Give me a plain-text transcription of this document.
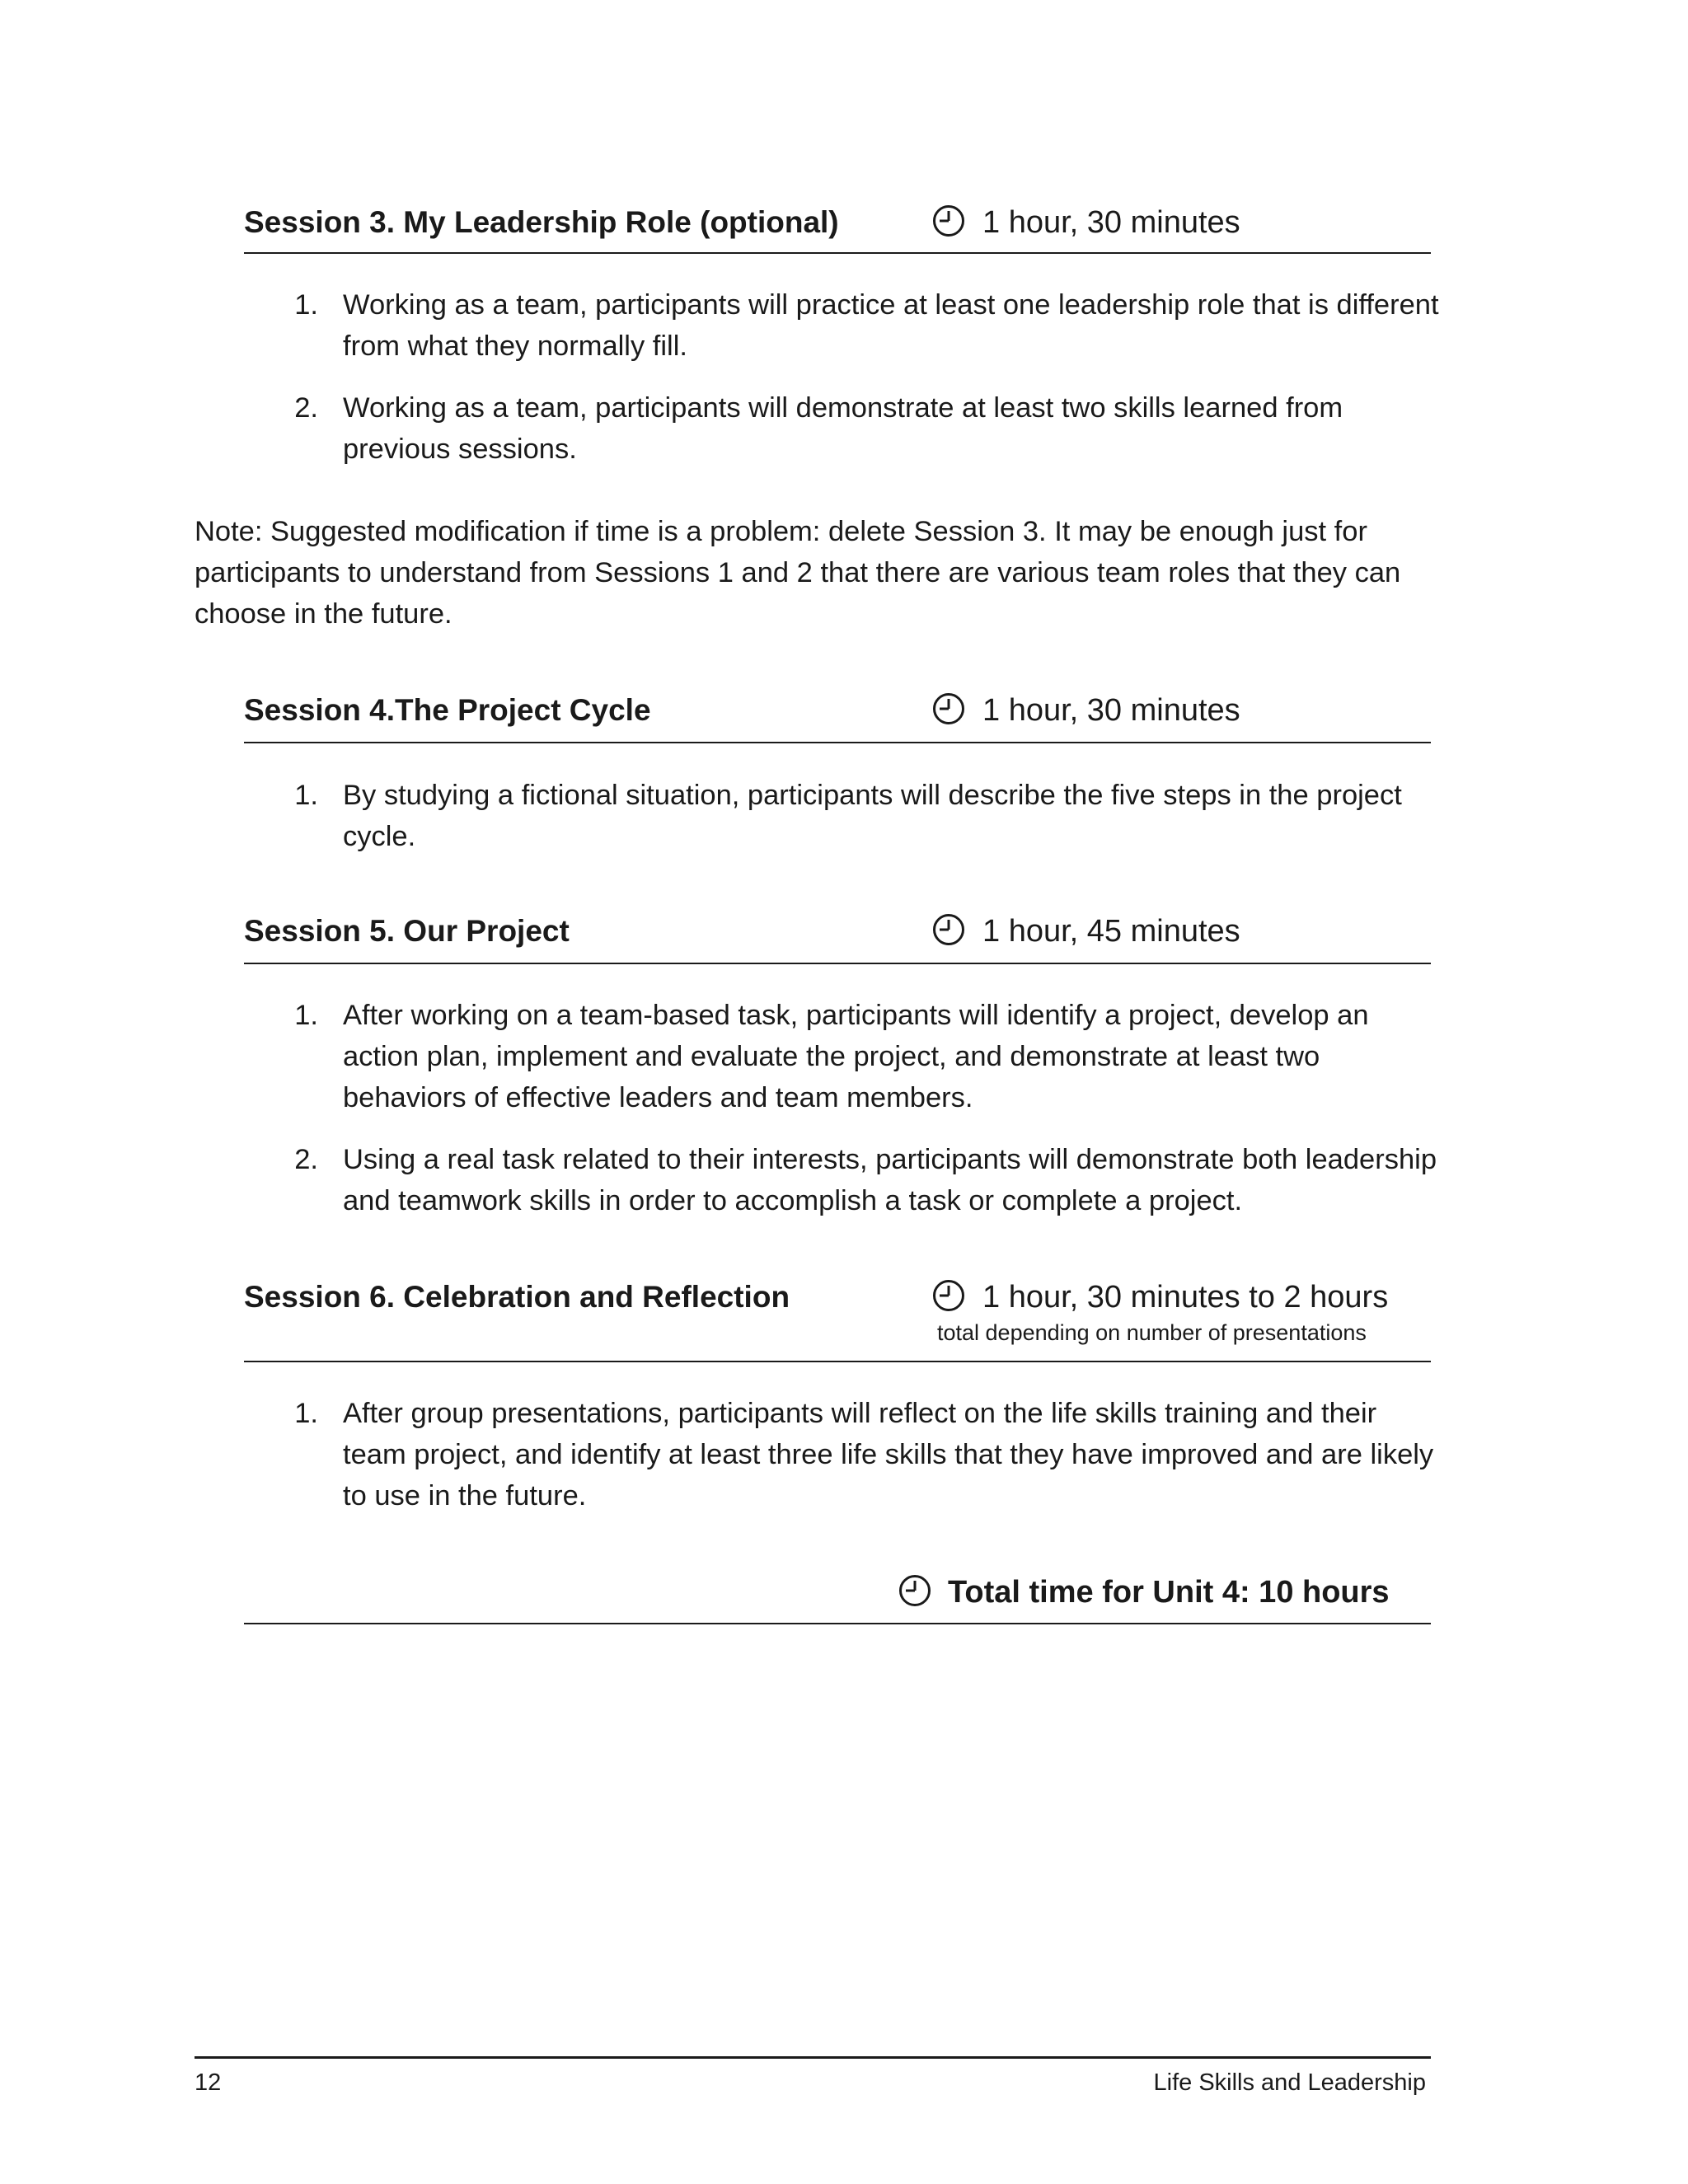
Session 3. My Leadership Role (optional)	1 hour, 30 minutes
1. Working as a team, participants will practice at least one leadership role that is different from what they normally fill.
2. Working as a team, participants will demonstrate at least two skills learned from previous sessions.
Note: Suggested modification if time is a problem: delete Session 3. It may be enough just for participants to understand from Sessions 1 and 2 that there are various team roles that they can choose in the future.
Session 4.The Project Cycle	1 hour, 30 minutes
1. By studying a fictional situation, participants will describe the five steps in the project cycle.
Session 5. Our Project	1 hour, 45 minutes
1. After working on a team-based task, participants will identify a project, develop an action plan, implement and evaluate the project, and demonstrate at least two behaviors of effective leaders and team members.
2. Using a real task related to their interests, participants will demonstrate both leadership and teamwork skills in order to accomplish a task or complete a project.
Session 6. Celebration and Reflection	1 hour, 30 minutes to 2 hours
total depending on number of presentations
1. After group presentations, participants will reflect on the life skills training and their team project, and identify at least three life skills that they have improved and are likely to use in the future.
Total time for Unit 4: 10 hours
12	Life Skills and Leadership
